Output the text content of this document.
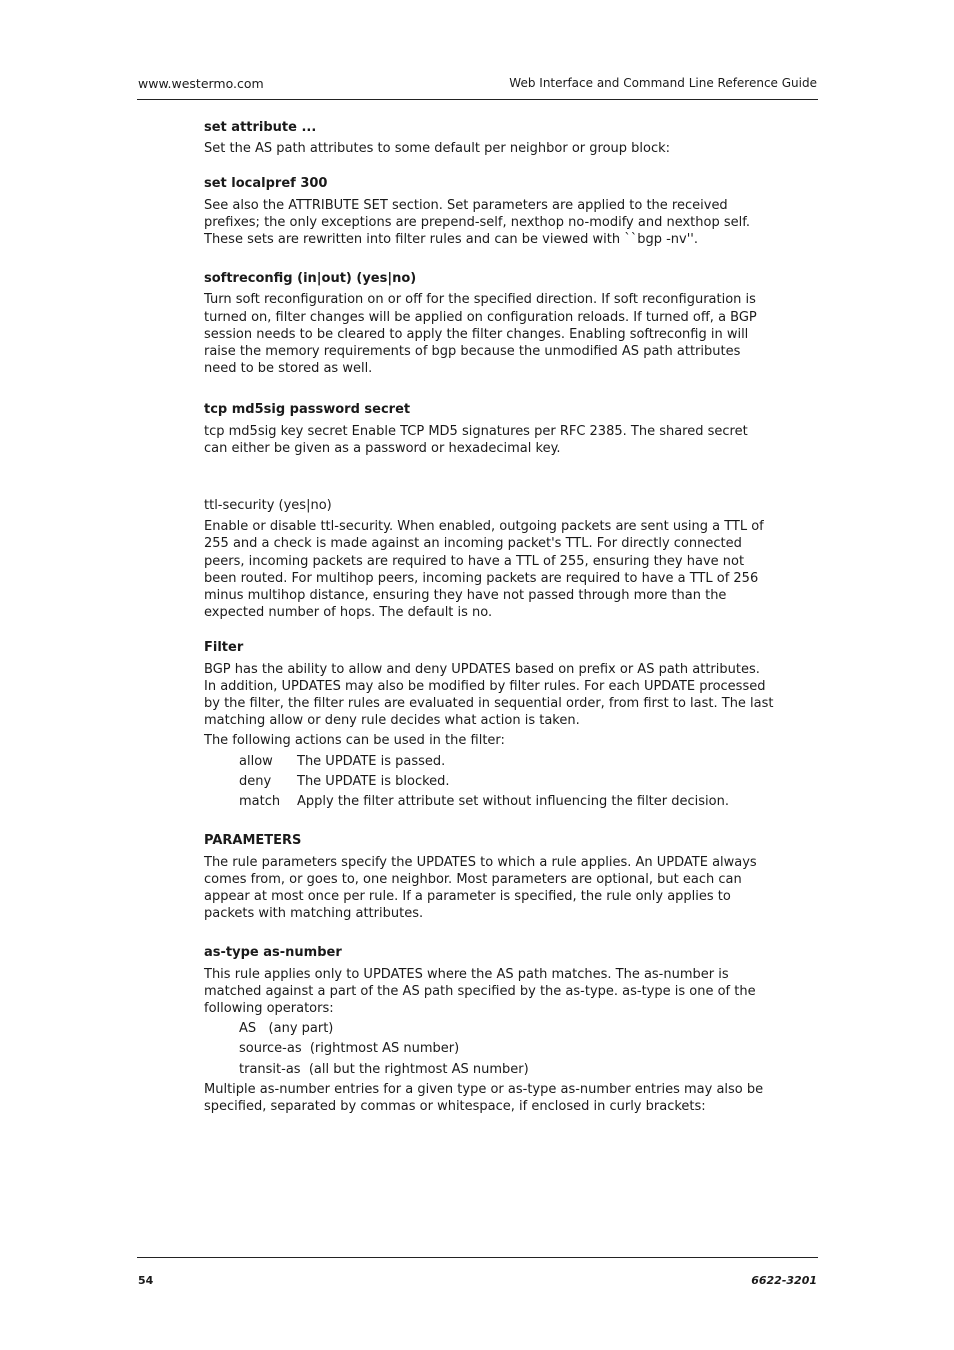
www.westermo.com	Web Interface and Command Line Reference Guide
set attribute ...

Set the AS path attributes to some default per neighbor or group block:

set localpref 300

See also the ATTRIBUTE SET section. Set parameters are applied to the received prefixes; the only exceptions are prepend-self, nexthop no-modify and nexthop self. These sets are rewritten into filter rules and can be viewed with ``bgp -nv''.

softreconfig (in|out) (yes|no)

Turn soft reconfiguration on or off for the specified direction. If soft reconfiguration is turned on, filter changes will be applied on configuration reloads. If turned off, a BGP session needs to be cleared to apply the filter changes. Enabling softreconfig in will raise the memory requirements of bgp because the unmodified AS path attributes need to be stored as well.

tcp md5sig password secret

tcp md5sig key secret Enable TCP MD5 signatures per RFC 2385. The shared secret can either be given as a password or hexadecimal key.

ttl-security (yes|no)

Enable or disable ttl-security. When enabled, outgoing packets are sent using a TTL of 255 and a check is made against an incoming packet's TTL. For directly connected peers, incoming packets are required to have a TTL of 255, ensuring they have not been routed. For multihop peers, incoming packets are required to have a TTL of 256 minus multihop distance, ensuring they have not passed through more than the expected number of hops. The default is no.

Filter

BGP has the ability to allow and deny UPDATES based on prefix or AS path attributes. In addition, UPDATES may also be modified by filter rules. For each UPDATE processed by the filter, the filter rules are evaluated in sequential order, from first to last. The last matching allow or deny rule decides what action is taken.

The following actions can be used in the filter:

allow	The UPDATE is passed.
deny	The UPDATE is blocked.
match	Apply the filter attribute set without influencing the filter decision.
PARAMETERS

The rule parameters specify the UPDATES to which a rule applies. An UPDATE always comes from, or goes to, one neighbor. Most parameters are optional, but each can appear at most once per rule. If a parameter is specified, the rule only applies to packets with matching attributes.

as-type as-number

This rule applies only to UPDATES where the AS path matches. The as-number is matched against a part of the AS path specified by the as-type. as-type is one of the following operators:

AS   (any part)
source-as  (rightmost AS number)
transit-as  (all but the rightmost AS number)

Multiple as-number entries for a given type or as-type as-number entries may also be specified, separated by commas or whitespace, if enclosed in curly brackets:

54	6622-3201
